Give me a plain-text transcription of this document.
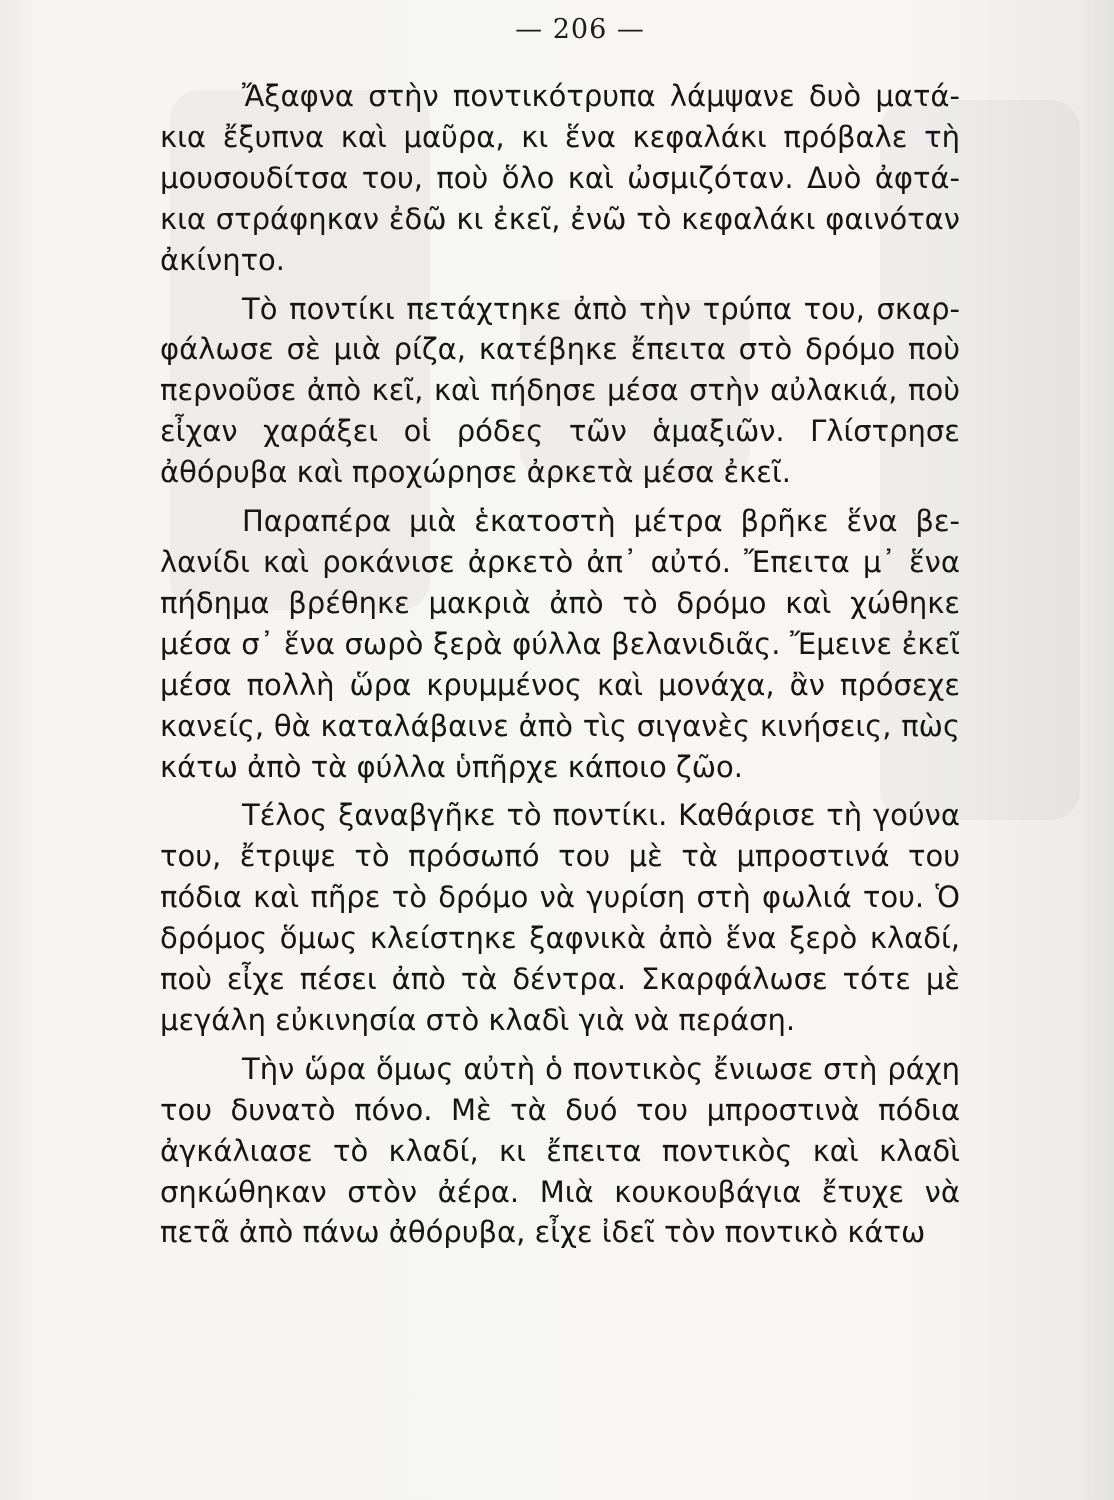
— 206 —

Ἄξαφνα στὴν ποντικότρυπα λάμψανε δυὸ ματάκια ἔξυπνα καὶ μαῦρα, κι ἕνα κεφαλάκι πρόβαλε τὴ μουσουδίτσα του, ποὺ ὅλο καὶ ὠσμιζόταν. Δυὸ ἀφτάκια στράφηκαν ἐδῶ κι ἐκεῖ, ἐνῶ τὸ κεφαλάκι φαινόταν ἀκίνητο.

Τὸ ποντίκι πετάχτηκε ἀπὸ τὴν τρύπα του, σκαρφάλωσε σὲ μιὰ ρίζα, κατέβηκε ἔπειτα στὸ δρόμο ποὺ περνοῦσε ἀπὸ κεῖ, καὶ πήδησε μέσα στὴν αὐλακιά, ποὺ εἶχαν χαράξει οἱ ρόδες τῶν ἁμαξιῶν. Γλίστρησε ἀθόρυβα καὶ προχώρησε ἀρκετὰ μέσα ἐκεῖ.

Παραπέρα μιὰ ἑκατοστὴ μέτρα βρῆκε ἕνα βελανίδι καὶ ροκάνισε ἀρκετὸ ἀπ᾿ αὐτό. Ἔπειτα μ᾿ ἕνα πήδημα βρέθηκε μακριὰ ἀπὸ τὸ δρόμο καὶ χώθηκε μέσα σ᾿ ἕνα σωρὸ ξερὰ φύλλα βελανιδιᾶς. Ἔμεινε ἐκεῖ μέσα πολλὴ ὥρα κρυμμένος καὶ μονάχα, ἂν πρόσεχε κανείς, θὰ καταλάβαινε ἀπὸ τὶς σιγανὲς κινήσεις, πὼς κάτω ἀπὸ τὰ φύλλα ὑπῆρχε κάποιο ζῶο.

Τέλος ξαναβγῆκε τὸ ποντίκι. Καθάρισε τὴ γούνα του, ἔτριψε τὸ πρόσωπό του μὲ τὰ μπροστινά του πόδια καὶ πῆρε τὸ δρόμο νὰ γυρίση στὴ φωλιά του. Ὁ δρόμος ὅμως κλείστηκε ξαφνικὰ ἀπὸ ἕνα ξερὸ κλαδί, ποὺ εἶχε πέσει ἀπὸ τὰ δέντρα. Σκαρφάλωσε τότε μὲ μεγάλη εὐκινησία στὸ κλαδὶ γιὰ νὰ περάση.

Τὴν ὥρα ὅμως αὐτὴ ὁ ποντικὸς ἔνιωσε στὴ ράχη του δυνατὸ πόνο. Μὲ τὰ δυό του μπροστινὰ πόδια ἀγκάλιασε τὸ κλαδί, κι ἔπειτα ποντικὸς καὶ κλαδὶ σηκώθηκαν στὸν ἀέρα. Μιὰ κουκουβάγια ἔτυχε νὰ πετᾶ ἀπὸ πάνω ἀθόρυβα, εἶχε ἰδεῖ τὸν ποντικὸ κάτω
